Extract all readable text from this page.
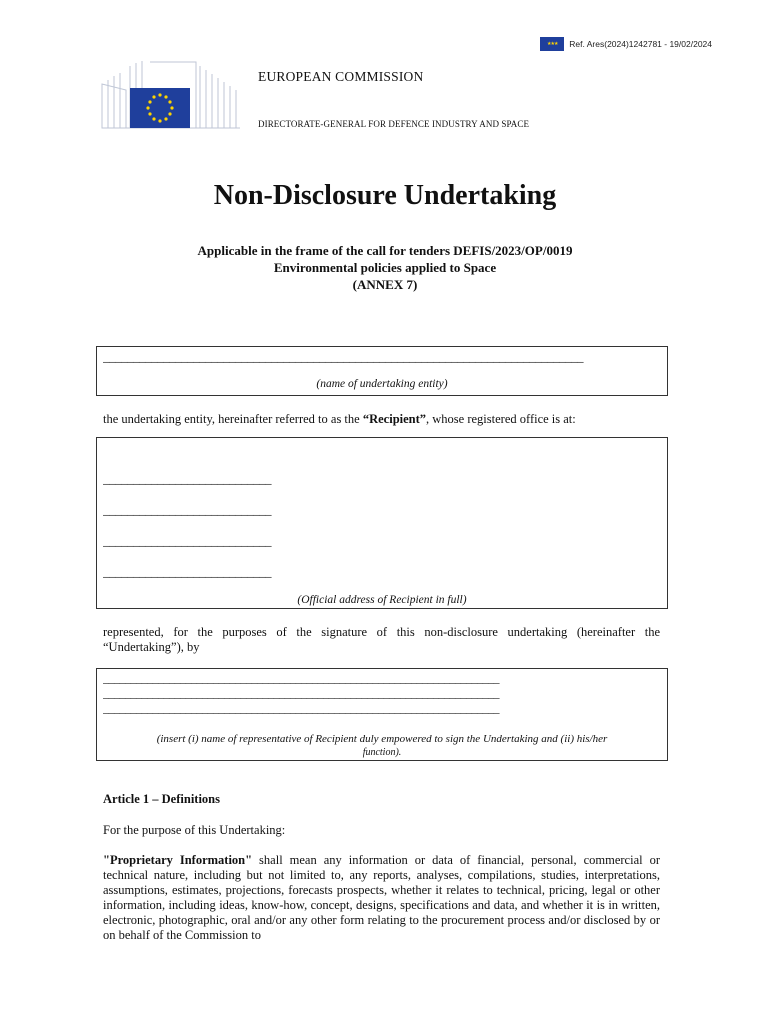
★★★ Ref. Ares(2024)1242781 - 19/02/2024
EUROPEAN COMMISSION
DIRECTORATE-GENERAL FOR DEFENCE INDUSTRY AND SPACE
Non-Disclosure Undertaking
Applicable in the frame of the call for tenders DEFIS/2023/OP/0019
Environmental policies applied to Space
(ANNEX 7)
________________________________________________________________________________
(name of undertaking entity)
the undertaking entity, hereinafter referred to as the “Recipient”, whose registered office is at:
____________________________
____________________________
____________________________
____________________________
(Official address of Recipient in full)
represented, for the purposes of the signature of this non-disclosure undertaking (hereinafter the “Undertaking”), by
________________________________________________________________________
________________________________________________________________________
________________________________________________________________________
(insert (i) name of representative of Recipient duly empowered to sign the Undertaking and (ii) his/her
function).
Article 1 – Definitions
For the purpose of this Undertaking:
"Proprietary Information" shall mean any information or data of financial, personal, commercial or technical nature, including but not limited to, any reports, analyses, compilations, studies, interpretations, assumptions, estimates, projections, forecasts prospects, whether it relates to technical, pricing, legal or other information, including ideas, know-how, concept, designs, specifications and data, and whether it is in written, electronic, photographic, oral and/or any other form relating to the procurement process and/or disclosed by or on behalf of the Commission to
